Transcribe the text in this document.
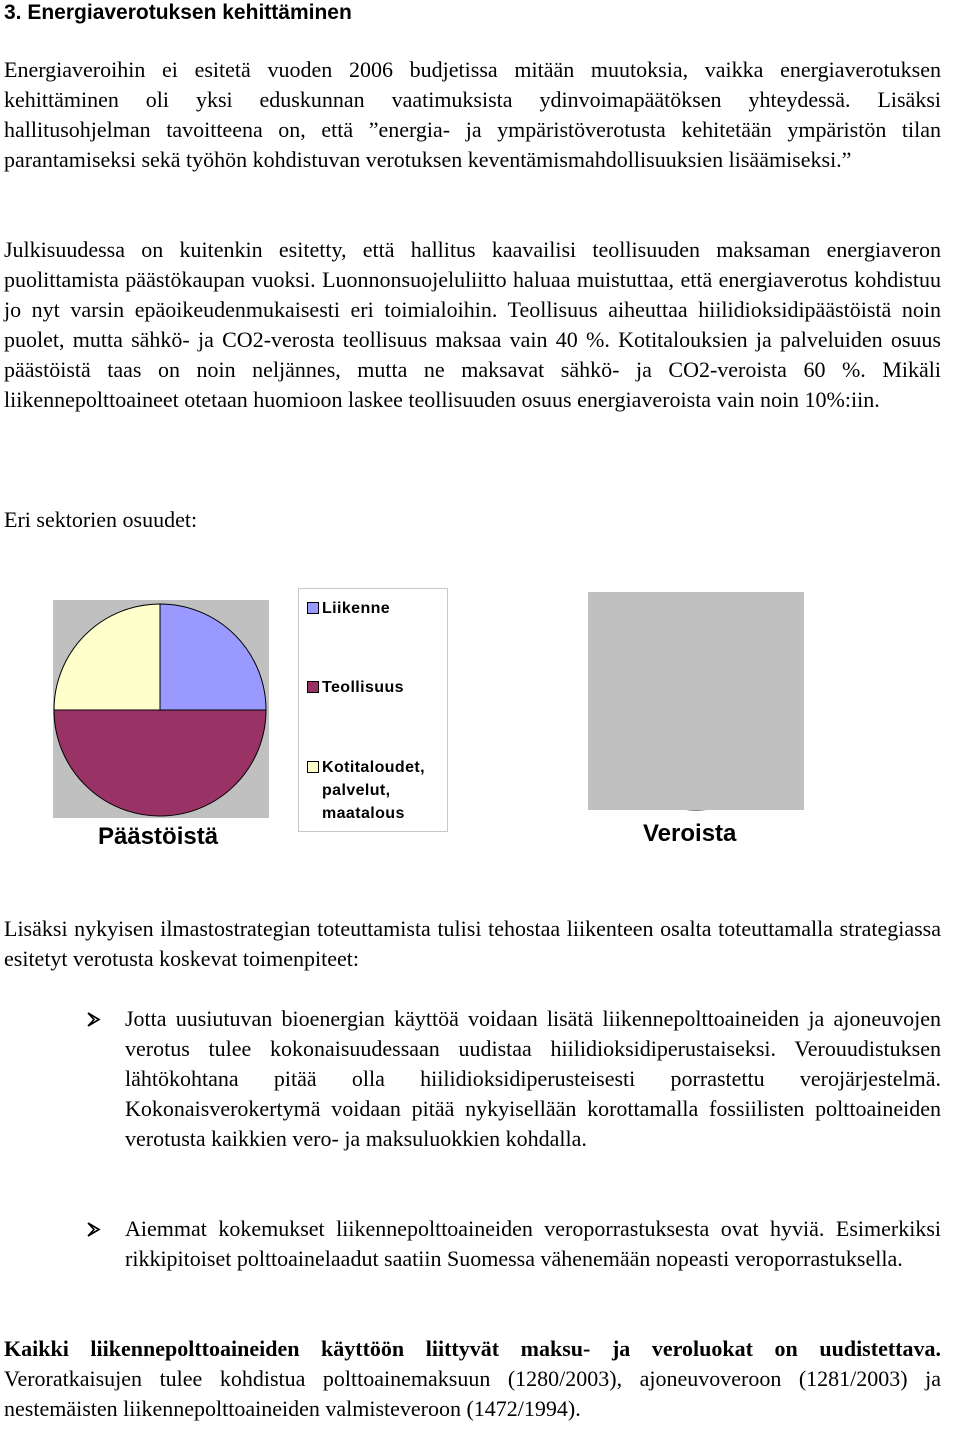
3. Energiaverotuksen kehittäminen

Energiaveroihin ei esitetä vuoden 2006 budjetissa mitään muutoksia, vaikka energiaverotuksen kehittäminen oli yksi eduskunnan vaatimuksista ydinvoimapäätöksen yhteydessä. Lisäksi hallitusohjelman tavoitteena on, että ”energia- ja ympäristöverotusta kehitetään ympäristön tilan parantamiseksi sekä työhön kohdistuvan verotuksen keventämismahdollisuuksien lisäämiseksi.”

Julkisuudessa on kuitenkin esitetty, että hallitus kaavailisi teollisuuden maksaman energiaveron puolittamista päästökaupan vuoksi. Luonnonsuojeluliitto haluaa muistuttaa, että energiaverotus kohdistuu jo nyt varsin epäoikeudenmukaisesti eri toimialoihin. Teollisuus aiheuttaa hiilidioksidipäästöistä noin puolet, mutta sähkö- ja CO2-verosta teollisuus maksaa vain 40 %. Kotitalouksien ja palveluiden osuus päästöistä taas on noin neljännes, mutta ne maksavat sähkö- ja CO2-veroista 60 %. Mikäli liikennepolttoaineet otetaan huomioon laskee teollisuuden osuus energiaveroista vain noin 10%:iin.

Eri sektorien osuudet:

Päästöistä
Liikenne
Teollisuus
Kotitaloudet, palvelut, maatalous
Veroista

Lisäksi nykyisen ilmastostrategian toteuttamista tulisi tehostaa liikenteen osalta toteuttamalla strategiassa esitetyt verotusta koskevat toimenpiteet:

Jotta uusiutuvan bioenergian käyttöä voidaan lisätä liikennepolttoaineiden ja ajoneuvojen verotus tulee kokonaisuudessaan uudistaa hiilidioksidiperustaiseksi. Verouudistuksen lähtökohtana pitää olla hiilidioksidiperusteisesti porrastettu verojärjestelmä. Kokonaisverokertymä voidaan pitää nykyisellään korottamalla fossiilisten polttoaineiden verotusta kaikkien vero- ja maksuluokkien kohdalla.

Aiemmat kokemukset liikennepolttoaineiden veroporrastuksesta ovat hyviä. Esimerkiksi rikkipitoiset polttoainelaadut saatiin Suomessa vähenemään nopeasti veroporrastuksella.

Kaikki liikennepolttoaineiden käyttöön liittyvät maksu- ja veroluokat on uudistettava. Veroratkaisujen tulee kohdistua polttoainemaksuun (1280/2003), ajoneuvoveroon (1281/2003) ja nestemäisten liikennepolttoaineiden valmisteveroon (1472/1994).
